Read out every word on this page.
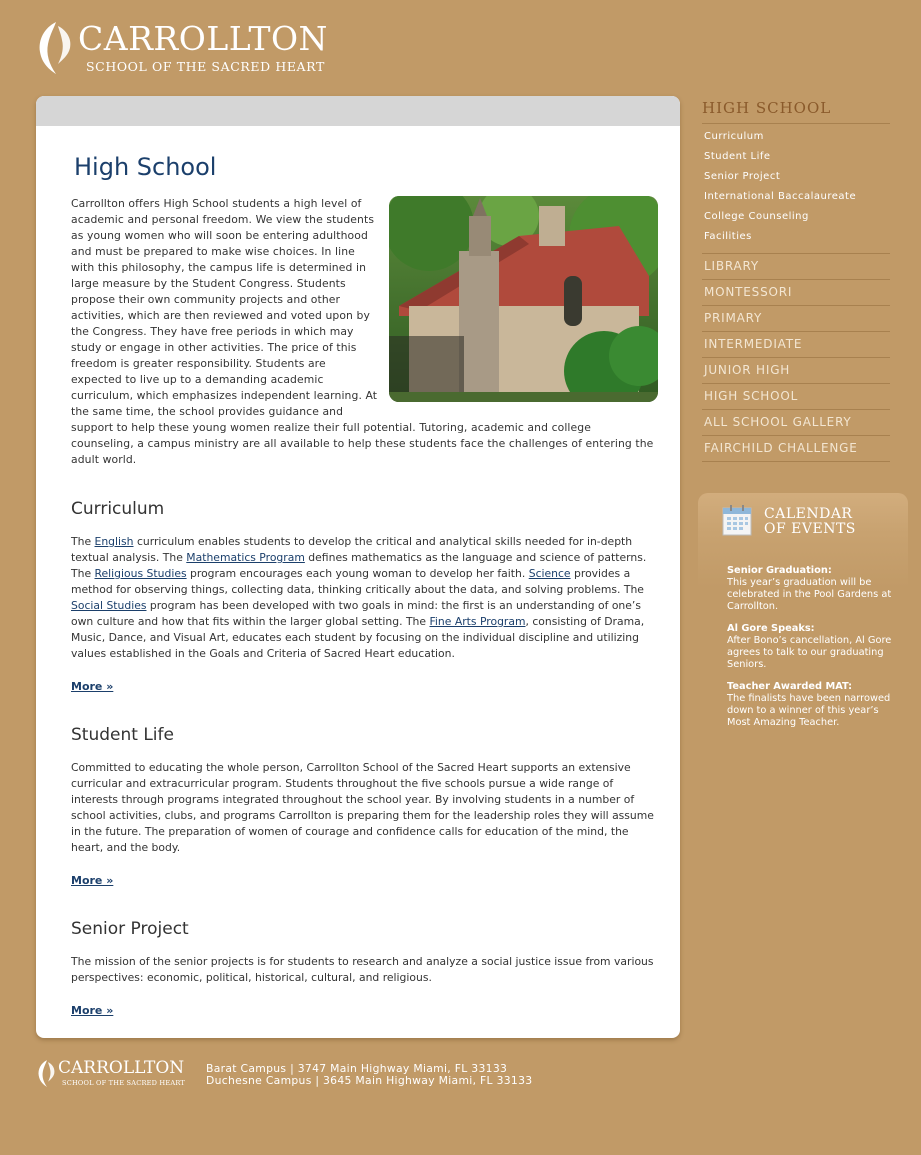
CARROLLTON
SCHOOL OF THE SACRED HEART
High School
Carrollton offers High School students a high level of academic and personal freedom. We view the students as young women who will soon be entering adulthood and must be prepared to make wise choices. In line with this philosophy, the campus life is determined in large measure by the Student Congress. Students propose their own community projects and other activities, which are then reviewed and voted upon by the Congress. They have free periods in which may study or engage in other activities. The price of this freedom is greater responsibility. Students are expected to live up to a demanding academic curriculum, which emphasizes independent learning. At the same time, the school provides guidance and support to help these young women realize their full potential. Tutoring, academic and college counseling, a campus ministry are all available to help these students face the challenges of entering the adult world.
Curriculum
The English curriculum enables students to develop the critical and analytical skills needed for in-depth textual analysis. The Mathematics Program defines mathematics as the language and science of patterns. The Religious Studies program encourages each young woman to develop her faith. Science provides a method for observing things, collecting data, thinking critically about the data, and solving problems. The Social Studies program has been developed with two goals in mind: the first is an understanding of one’s own culture and how that fits within the larger global setting. The Fine Arts Program, consisting of Drama, Music, Dance, and Visual Art, educates each student by focusing on the individual discipline and utilizing values established in the Goals and Criteria of Sacred Heart education.
More »
Student Life
Committed to educating the whole person, Carrollton School of the Sacred Heart supports an extensive curricular and extracurricular program. Students throughout the five schools pursue a wide range of interests through programs integrated throughout the school year. By involving students in a number of school activities, clubs, and programs Carrollton is preparing them for the leadership roles they will assume in the future. The preparation of women of courage and confidence calls for education of the mind, the heart, and the body.
More »
Senior Project
The mission of the senior projects is for students to research and analyze a social justice issue from various perspectives: economic, political, historical, cultural, and religious.
More »
HIGH SCHOOL
Curriculum
Student Life
Senior Project
International Baccalaureate
College Counseling
Facilities
LIBRARY
MONTESSORI
PRIMARY
INTERMEDIATE
JUNIOR HIGH
HIGH SCHOOL
ALL SCHOOL GALLERY
FAIRCHILD CHALLENGE
CALENDAR
OF EVENTS
Senior Graduation:
This year’s graduation will be celebrated in the Pool Gardens at Carrollton.
Al Gore Speaks:
After Bono’s cancellation, Al Gore agrees to talk to our graduating Seniors.
Teacher Awarded MAT:
The finalists have been narrowed down to a winner of this year’s Most Amazing Teacher.
CARROLLTON
SCHOOL OF THE SACRED HEART
Barat Campus | 3747 Main Highway Miami, FL 33133
Duchesne Campus | 3645 Main Highway Miami, FL 33133
